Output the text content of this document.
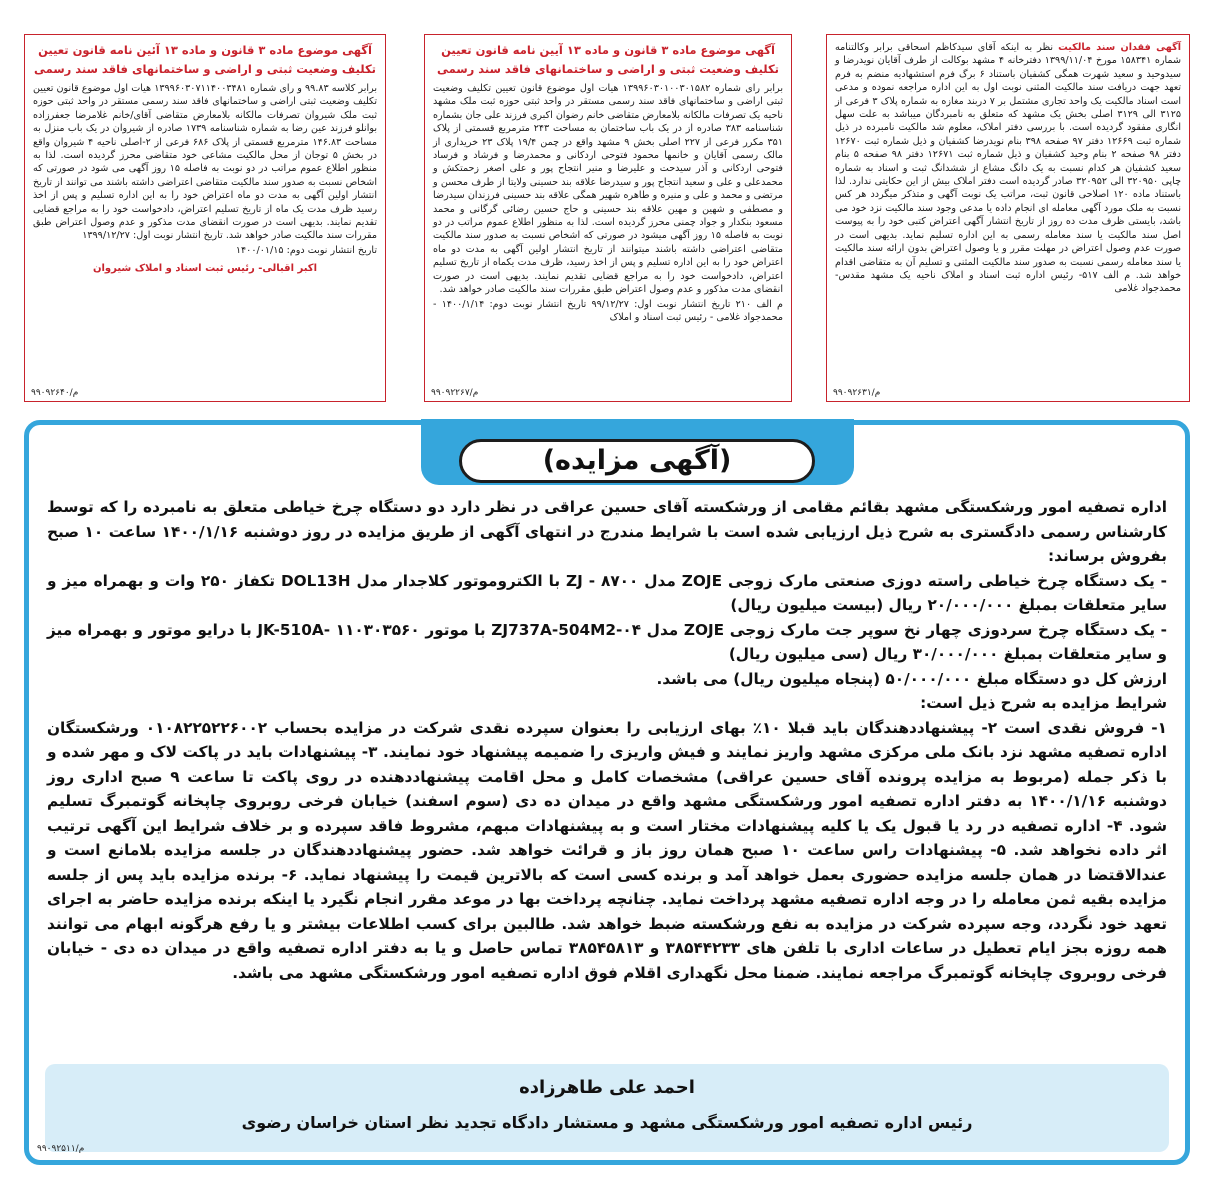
آگهی موضوع ماده ۳ قانون و ماده ۱۳ آئین نامه قانون تعیین تکلیف وضعیت ثبتی و اراضی و ساختمانهای فاقد سند رسمی

برابر کلاسه ۹۹.۸۳ و رای شماره ۱۳۹۹۶۰۳۰۷۱۱۴۰۰۳۴۸۱ هیات اول موضوع قانون تعیین تکلیف وضعیت ثبتی اراضی و ساختمانهای فاقد سند رسمی مستقر در واحد ثبتی حوزه ثبت ملک شیروان تصرفات مالکانه بلامعارض متقاضی آقای/خانم غلامرضا جعفرزاده بوانلو فرزند عین رضا به شماره شناسنامه ۱۷۳۹ صادره از شیروان در یک باب منزل به مساحت ۱۴۶.۸۳ مترمربع قسمتی از پلاک ۶۸۶ فرعی از ۲-اصلی ناحیه ۴ شیروان واقع در بخش ۵ توجان از محل مالکیت مشاعی خود متقاضی محرز گردیده است. لذا به منظور اطلاع عموم مراتب در دو نوبت به فاصله ۱۵ روز آگهی می شود در صورتی که اشخاص نسبت به صدور سند مالکیت متقاضی اعتراضی داشته باشند می توانند از تاریخ انتشار اولین آگهی به مدت دو ماه اعتراض خود را به این اداره تسلیم و پس از اخذ رسید ظرف مدت یک ماه از تاریخ تسلیم اعتراض، دادخواست خود را به مراجع قضایی تقدیم نمایند. بدیهی است در صورت انقضای مدت مذکور و عدم وصول اعتراض طبق مقررات سند مالکیت صادر خواهد شد. تاریخ انتشار نوبت اول: ۱۳۹۹/۱۲/۲۷

تاریخ انتشار نوبت دوم: ۱۴۰۰/۰۱/۱۵

اکبر اقبالی- رئیس ثبت اسناد و املاک شیروان
۹۹۰۹۲۶۴۰/م
آگهی موضوع ماده ۳ قانون و ماده ۱۳ آیین نامه قانون تعیین تکلیف وضعیت ثبتی و اراضی و ساختمانهای فاقد سند رسمی

برابر رای شماره ۱۳۹۹۶۰۳۰۱۰۰۳۰۱۵۸۲ هیات اول موضوع قانون تعیین تکلیف وضعیت ثبتی اراضی و ساختمانهای فاقد سند رسمی مستقر در واحد ثبتی حوزه ثبت ملک مشهد ناحیه یک تصرفات مالکانه بلامعارض متقاضی خانم رضوان اکبری فرزند علی جان بشماره شناسنامه ۳۸۳ صادره از در یک باب ساختمان به مساحت ۲۴۳ مترمربع قسمتی از پلاک ۳۵۱ مکرر فرعی از ۲۲۷ اصلی بخش ۹ مشهد واقع در چمن ۱۹/۴ پلاک ۲۳ خریداری از مالک رسمی آقایان و خانمها محمود فتوحی اردکانی و محمدرضا و فرشاد و فرساد فتوحی اردکانی و آذر سیدحت و علیرضا و منیر انتجاح پور و علی اصغر زحمتکش و محمدعلی و علی و سعید انتجاح پور و سیدرضا علاقه بند حسینی ولایتا از طرف محسن و مرتضی و محمد و علی و منیره و طاهره شهیر همگی علاقه بند حسینی فرزندان سیدرضا و مصطفی و شهین و مهین علاقه بند حسینی و حاج حسین رضائی گرگانی و محمد مسعود بنکدار و جواد چمنی محرز گردیده است. لذا به منظور اطلاع عموم مراتب در دو نوبت به فاصله ۱۵ روز آگهی میشود در صورتی که اشخاص نسبت به صدور سند مالکیت متقاضی اعتراضی داشته باشند میتوانند از تاریخ انتشار اولین آگهی به مدت دو ماه اعتراض خود را به این اداره تسلیم و پس از اخذ رسید، ظرف مدت یکماه از تاریخ تسلیم اعتراض، دادخواست خود را به مراجع قضایی تقدیم نمایند. بدیهی است در صورت انقضای مدت مذکور و عدم وصول اعتراض طبق مقررات سند مالکیت صادر خواهد شد.

م الف ۲۱۰ تاریخ انتشار نوبت اول: ۹۹/۱۲/۲۷ تاریخ انتشار نوبت دوم: ۱۴۰۰/۱/۱۴ - محمدجواد غلامی - رئیس ثبت اسناد و املاک

۹۹۰۹۲۲۶۷/م

آگهی فقدان سند مالکیت نظر به اینکه آقای سیدکاظم اسحاقی برابر وکالتنامه شماره ۱۵۸۳۴۱ مورخ ۱۳۹۹/۱۱/۰۴ دفترخانه ۴ مشهد بوکالت از طرف آقایان نویدرضا و سیدوحید و سعید شهرت همگی کشفیان باستناد ۶ برگ فرم استشهادیه منضم به فرم تعهد جهت دریافت سند مالکیت المثنی نوبت اول به این اداره مراجعه نموده و مدعی است اسناد مالکیت یک واحد تجاری مشتمل بر ۷ دربند مغازه به شماره پلاک ۳ فرعی از ۳۱۲۵ الی ۳۱۲۹ اصلی بخش یک مشهد که متعلق به نامبردگان میباشد به علت سهل انگاری مفقود گردیده است. با بررسی دفتر املاک، معلوم شد مالکیت نامبرده در ذیل شماره ثبت ۱۲۶۶۹ دفتر ۹۷ صفحه ۳۹۸ بنام نویدرضا کشفیان و ذیل شماره ثبت ۱۲۶۷۰ دفتر ۹۸ صفحه ۲ بنام وحید کشفیان و ذیل شماره ثبت ۱۲۶۷۱ دفتر ۹۸ صفحه ۵ بنام سعید کشفیان هر کدام نسبت به یک دانگ مشاع از ششدانگ ثبت و اسناد به شماره چاپی ۳۲۰۹۵۰ الی ۳۲۰۹۵۲ صادر گردیده است دفتر املاک بیش از این حکایتی ندارد. لذا باستناد ماده ۱۲۰ اصلاحی قانون ثبت، مراتب یک نوبت آگهی و متذکر میگردد هر کس نسبت به ملک مورد آگهی معامله ای انجام داده یا مدعی وجود سند مالکیت نزد خود می باشد، بایستی ظرف مدت ده روز از تاریخ انتشار آگهی اعتراض کتبی خود را به پیوست اصل سند مالکیت یا سند معامله رسمی به این اداره تسلیم نماید. بدیهی است در صورت عدم وصول اعتراض در مهلت مقرر و یا وصول اعتراض بدون ارائه سند مالکیت یا سند معامله رسمی نسبت به صدور سند مالکیت المثنی و تسلیم آن به متقاضی اقدام خواهد شد. م الف ۵۱۷- رئیس اداره ثبت اسناد و املاک ناحیه یک مشهد مقدس- محمدجواد غلامی

۹۹۰۹۲۶۳۱/م
(آگهی مزایده)

اداره تصفیه امور ورشکستگی مشهد بقائم مقامی از ورشکسته آقای حسین عراقی در نظر دارد دو دستگاه چرخ خیاطی متعلق به نامبرده را که توسط کارشناس رسمی دادگستری به شرح ذیل ارزیابی شده است با شرایط مندرج در انتهای آگهی از طریق مزایده در روز دوشنبه ۱۴۰۰/۱/۱۶ ساعت ۱۰ صبح بفروش برساند:

- یک دستگاه چرخ خیاطی راسته دوزی صنعتی مارک زوجی ZOJE مدل ۸۷۰۰ - ZJ با الکتروموتور کلاجدار مدل DOL13H تکفاز ۲۵۰ وات و بهمراه میز و سایر متعلقات بمبلغ ۲۰/۰۰۰/۰۰۰ ریال (بیست میلیون ریال)

- یک دستگاه چرخ سردوزی چهار نخ سوپر جت مارک زوجی ZOJE مدل ۰۴-ZJ737A-504M2 با موتور ۱۱۰۳۰۳۵۶۰ -JK-510A با درایو موتور و بهمراه میز و سایر متعلقات بمبلغ ۳۰/۰۰۰/۰۰۰ ریال (سی میلیون ریال)

ارزش کل دو دستگاه مبلغ ۵۰/۰۰۰/۰۰۰ (پنجاه میلیون ریال) می باشد.

شرایط مزایده به شرح ذیل است:

۱- فروش نقدی است ۲- پیشنهاددهندگان باید قبلا ۱۰٪ بهای ارزیابی را بعنوان سپرده نقدی شرکت در مزایده بحساب ۰۱۰۸۲۲۵۲۲۶۰۰۲ ورشکستگان اداره تصفیه مشهد نزد بانک ملی مرکزی مشهد واریز نمایند و فیش واریزی را ضمیمه پیشنهاد خود نمایند. ۳- پیشنهادات باید در پاکت لاک و مهر شده و با ذکر جمله (مربوط به مزایده پرونده آقای حسین عراقی) مشخصات کامل و محل اقامت پیشنهاددهنده در روی پاکت تا ساعت ۹ صبح اداری روز دوشنبه ۱۴۰۰/۱/۱۶ به دفتر اداره تصفیه امور ورشکستگی مشهد واقع در میدان ده دی (سوم اسفند) خیابان فرخی روبروی چاپخانه گوتمبرگ تسلیم شود. ۴- اداره تصفیه در رد یا قبول یک یا کلیه پیشنهادات مختار است و به پیشنهادات مبهم، مشروط فاقد سپرده و بر خلاف شرایط این آگهی ترتیب اثر داده نخواهد شد. ۵- پیشنهادات راس ساعت ۱۰ صبح همان روز باز و قرائت خواهد شد. حضور پیشنهاددهندگان در جلسه مزایده بلامانع است و عندالاقتضا در همان جلسه مزایده حضوری بعمل خواهد آمد و برنده کسی است که بالاترین قیمت را پیشنهاد نماید. ۶- برنده مزایده باید پس از جلسه مزایده بقیه ثمن معامله را در وجه اداره تصفیه مشهد پرداخت نماید. چنانچه پرداخت بها در موعد مقرر انجام نگیرد یا اینکه برنده مزایده حاضر به اجرای تعهد خود نگردد، وجه سپرده شرکت در مزایده به نفع ورشکسته ضبط خواهد شد. طالبین برای کسب اطلاعات بیشتر و یا رفع هرگونه ابهام می توانند همه روزه بجز ایام تعطیل در ساعات اداری با تلفن های ۳۸۵۴۴۲۳۳ و ۳۸۵۴۵۸۱۳ تماس حاصل و یا به دفتر اداره تصفیه واقع در میدان ده دی - خیابان فرخی روبروی چاپخانه گوتمبرگ مراجعه نمایند. ضمنا محل نگهداری اقلام فوق اداره تصفیه امور ورشکستگی مشهد می باشد.

احمد علی طاهرزاده
رئیس اداره تصفیه امور ورشکستگی مشهد و مستشار دادگاه تجدید نظر استان خراسان رضوی
۹۹۰۹۲۵۱۱/م
